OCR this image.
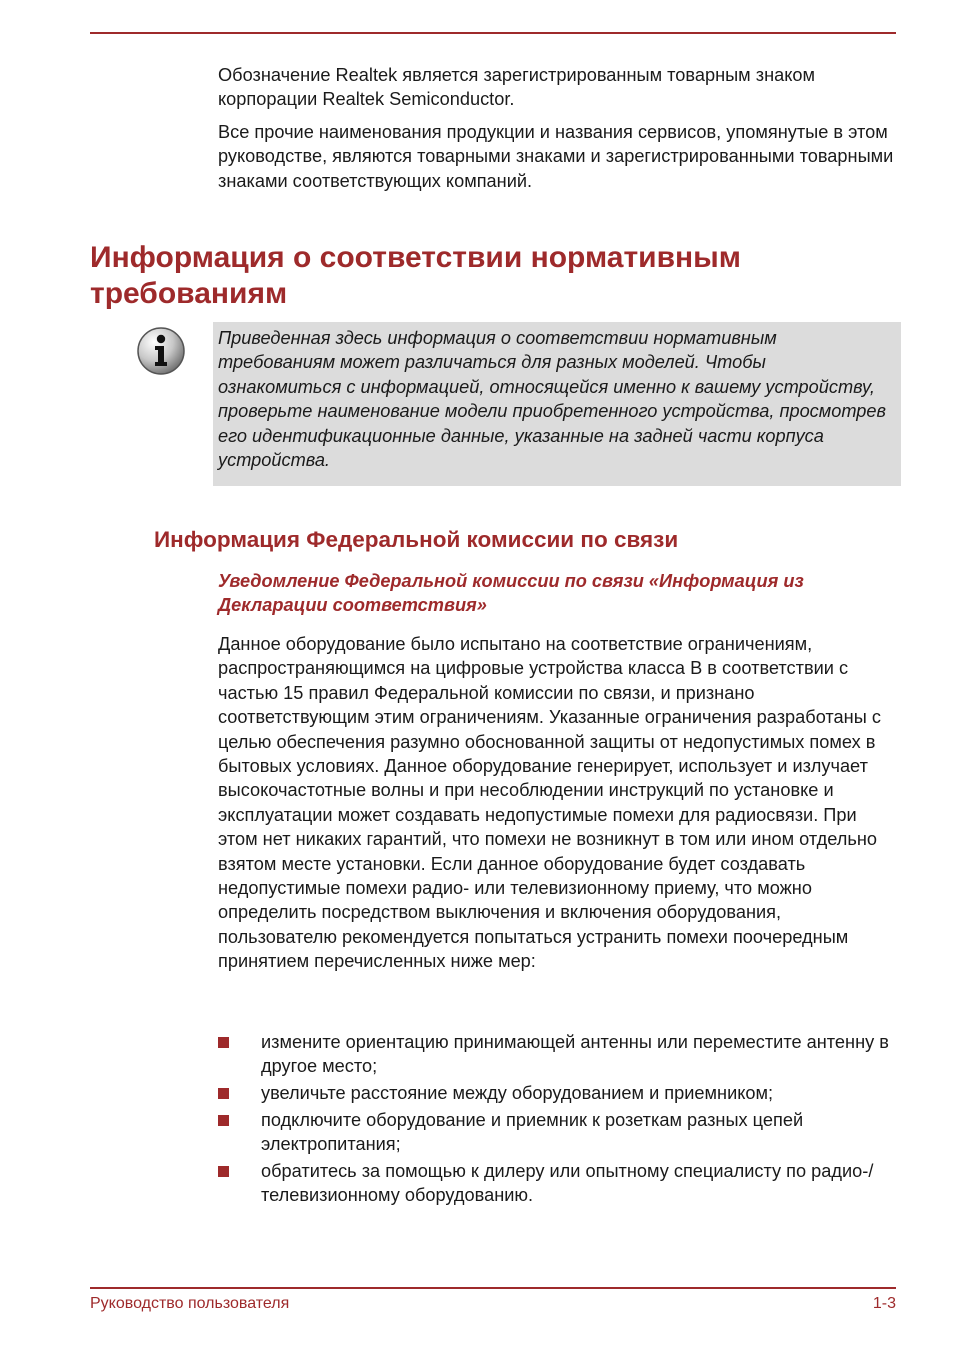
Обозначение Realtek является зарегистрированным товарным знаком корпорации Realtek Semiconductor.

Все прочие наименования продукции и названия сервисов, упомянутые в этом руководстве, являются товарными знаками и зарегистрированными товарными знаками соответствующих компаний.

Информация о соответствии нормативным требованиям

Приведенная здесь информация о соответствии нормативным требованиям может различаться для разных моделей. Чтобы ознакомиться с информацией, относящейся именно к вашему устройству, проверьте наименование модели приобретенного устройства, просмотрев его идентификационные данные, указанные на задней части корпуса устройства.

Информация Федеральной комиссии по связи
Уведомление Федеральной комиссии по связи «Информация из Декларации соответствия»

Данное оборудование было испытано на соответствие ограничениям, распространяющимся на цифровые устройства класса B в соответствии с частью 15 правил Федеральной комиссии по связи, и признано соответствующим этим ограничениям. Указанные ограничения разработаны с целью обеспечения разумно обоснованной защиты от недопустимых помех в бытовых условиях. Данное оборудование генерирует, использует и излучает высокочастотные волны и при несоблюдении инструкций по установке и эксплуатации может создавать недопустимые помехи для радиосвязи. При этом нет никаких гарантий, что помехи не возникнут в том или ином отдельно взятом месте установки. Если данное оборудование будет создавать недопустимые помехи радио- или телевизионному приему, что можно определить посредством выключения и включения оборудования, пользователю рекомендуется попытаться устранить помехи поочередным принятием перечисленных ниже мер:

измените ориентацию принимающей антенны или переместите антенну в другое место;
увеличьте расстояние между оборудованием и приемником;
подключите оборудование и приемник к розеткам разных цепей электропитания;
обратитесь за помощью к дилеру или опытному специалисту по радио-/телевизионному оборудованию.
Руководство пользователя	1-3
